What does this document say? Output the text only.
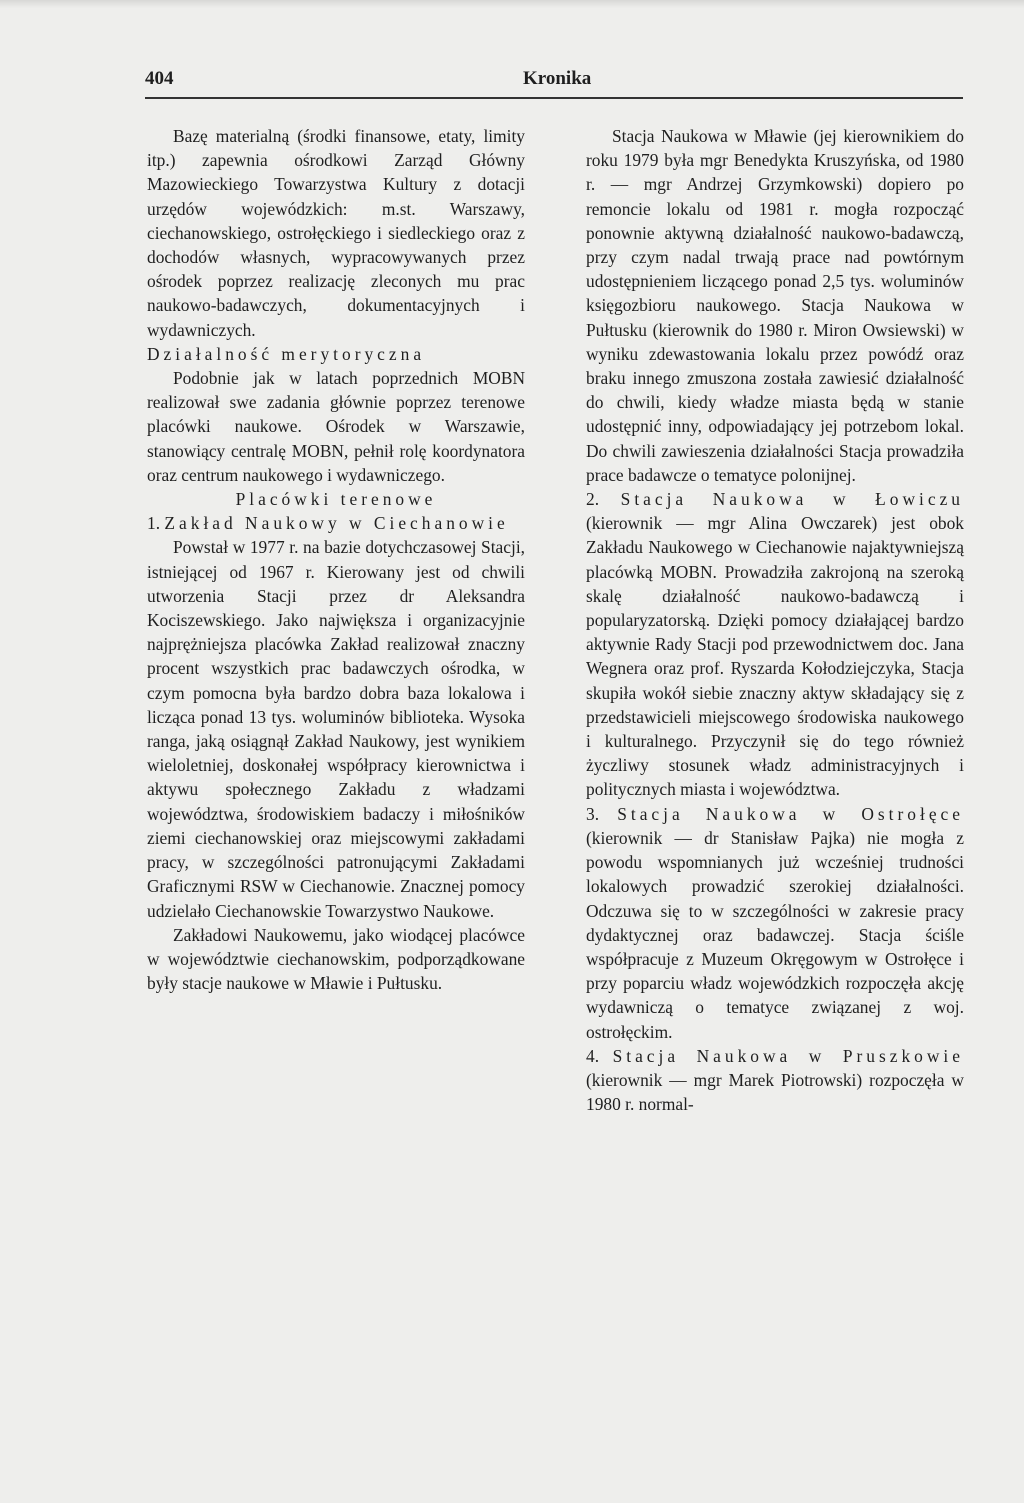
404	Kronika

Bazę materialną (środki finansowe, etaty, limity itp.) zapewnia ośrodkowi Zarząd Główny Mazowieckiego Towarzystwa Kultury z dotacji urzędów wojewódzkich: m.st. Warszawy, ciechanowskiego, ostrołęckiego i siedleckiego oraz z dochodów własnych, wypracowywanych przez ośrodek poprzez realizację zleconych mu prac naukowo-badawczych, dokumentacyjnych i wydawniczych.

Działalność merytoryczna

Podobnie jak w latach poprzednich MOBN realizował swe zadania głównie poprzez terenowe placówki naukowe. Ośrodek w Warszawie, stanowiący centralę MOBN, pełnił rolę koordynatora oraz centrum naukowego i wydawniczego.

Placówki terenowe

1. Zakład Naukowy w Ciechanowie

Powstał w 1977 r. na bazie dotychczasowej Stacji, istniejącej od 1967 r. Kierowany jest od chwili utworzenia Stacji przez dr Aleksandra Kociszewskiego. Jako największa i organizacyjnie najprężniejsza placówka Zakład realizował znaczny procent wszystkich prac badawczych ośrodka, w czym pomocna była bardzo dobra baza lokalowa i licząca ponad 13 tys. woluminów biblioteka. Wysoka ranga, jaką osiągnął Zakład Naukowy, jest wynikiem wieloletniej, doskonałej współpracy kierownictwa i aktywu społecznego Zakładu z władzami województwa, środowiskiem badaczy i miłośników ziemi ciechanowskiej oraz miejscowymi zakładami pracy, w szczególności patronującymi Zakładami Graficznymi RSW w Ciechanowie. Znacznej pomocy udzielało Ciechanowskie Towarzystwo Naukowe.

Zakładowi Naukowemu, jako wiodącej placówce w województwie ciechanowskim, podporządkowane były stacje naukowe w Mławie i Pułtusku.

Stacja Naukowa w Mławie (jej kierownikiem do roku 1979 była mgr Benedykta Kruszyńska, od 1980 r. — mgr Andrzej Grzymkowski) dopiero po remoncie lokalu od 1981 r. mogła rozpocząć ponownie aktywną działalność naukowo-badawczą, przy czym nadal trwają prace nad powtórnym udostępnieniem liczącego ponad 2,5 tys. woluminów księgozbioru naukowego. Stacja Naukowa w Pułtusku (kierownik do 1980 r. Miron Owsiewski) w wyniku zdewastowania lokalu przez powódź oraz braku innego zmuszona została zawiesić działalność do chwili, kiedy władze miasta będą w stanie udostępnić inny, odpowiadający jej potrzebom lokal. Do chwili zawieszenia działalności Stacja prowadziła prace badawcze o tematyce polonijnej.

2. Stacja Naukowa w Łowiczu (kierownik — mgr Alina Owczarek) jest obok Zakładu Naukowego w Ciechanowie najaktywniejszą placówką MOBN. Prowadziła zakrojoną na szeroką skalę działalność naukowo-badawczą i popularyzatorską. Dzięki pomocy działającej bardzo aktywnie Rady Stacji pod przewodnictwem doc. Jana Wegnera oraz prof. Ryszarda Kołodziejczyka, Stacja skupiła wokół siebie znaczny aktyw składający się z przedstawicieli miejscowego środowiska naukowego i kulturalnego. Przyczynił się do tego również życzliwy stosunek władz administracyjnych i politycznych miasta i województwa.

3. Stacja Naukowa w Ostrołęce (kierownik — dr Stanisław Pajka) nie mogła z powodu wspomnianych już wcześniej trudności lokalowych prowadzić szerokiej działalności. Odczuwa się to w szczególności w zakresie pracy dydaktycznej oraz badawczej. Stacja ściśle współpracuje z Muzeum Okręgowym w Ostrołęce i przy poparciu władz wojewódzkich rozpoczęła akcję wydawniczą o tematyce związanej z woj. ostrołęckim.

4. Stacja Naukowa w Pruszkowie (kierownik — mgr Marek Piotrowski) rozpoczęła w 1980 r. normal-
